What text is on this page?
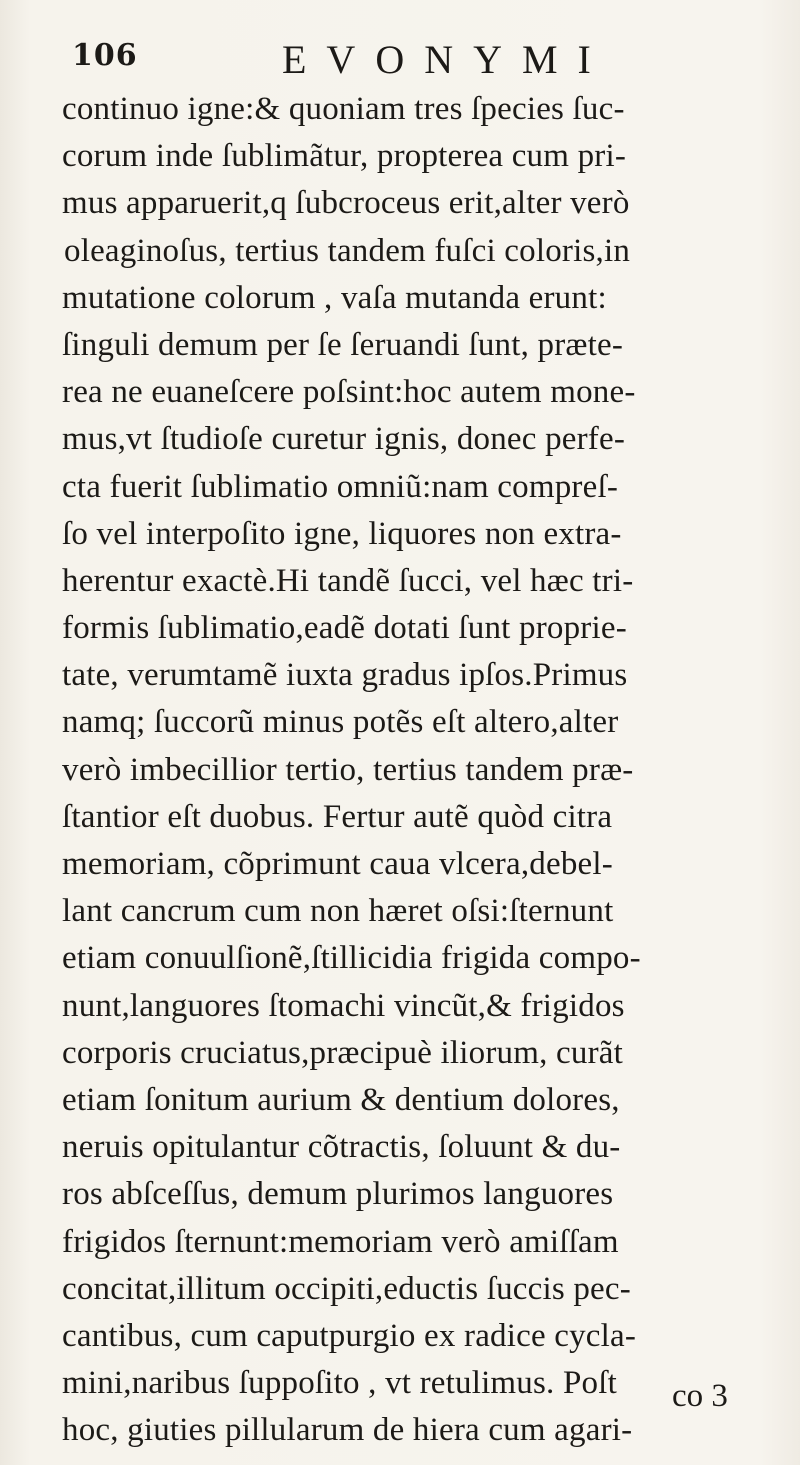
106	EVONYMI
continuo igne:& quoniam tres ſpecies ſuc-
corum inde ſublimãtur, propterea cum pri-
mus apparuerit,q ſubcroceus erit,alter verò
oleaginoſus, tertius tandem fuſci coloris,in
mutatione colorum , vaſa mutanda erunt:
ſinguli demum per ſe ſeruandi ſunt, præte-
rea ne euaneſcere poſsint:hoc autem mone-
mus,vt ſtudioſe curetur ignis, donec perfe-
cta fuerit ſublimatio omniũ:nam compreſ-
ſo vel interpoſito igne, liquores non extra-
herentur exactè.Hi tandẽ ſucci, vel hæc tri-
formis ſublimatio,eadẽ dotati ſunt proprie-
tate, verumtamẽ iuxta gradus ipſos.Primus
namq; ſuccorũ minus potẽs eſt altero,alter
verò imbecillior tertio, tertius tandem præ-
ſtantior eſt duobus. Fertur autẽ quòd citra
memoriam, cõprimunt caua vlcera,debel-
lant cancrum cum non hæret oſsi:ſternunt
etiam conuulſionẽ,ſtillicidia frigida compo-
nunt,languores ſtomachi vincũt,& frigidos
corporis cruciatus,præcipuè iliorum, curãt
etiam ſonitum aurium & dentium dolores,
neruis opitulantur cõtractis, ſoluunt & du-
ros abſceſſus, demum plurimos languores
frigidos ſternunt:memoriam verò amiſſam
concitat,illitum occipiti,eductis ſuccis pec-
cantibus, cum caputpurgio ex radice cycla-
mini,naribus ſuppoſito , vt retulimus. Poſt
hoc, giuties pillularum de hiera cum agari-
co 3
